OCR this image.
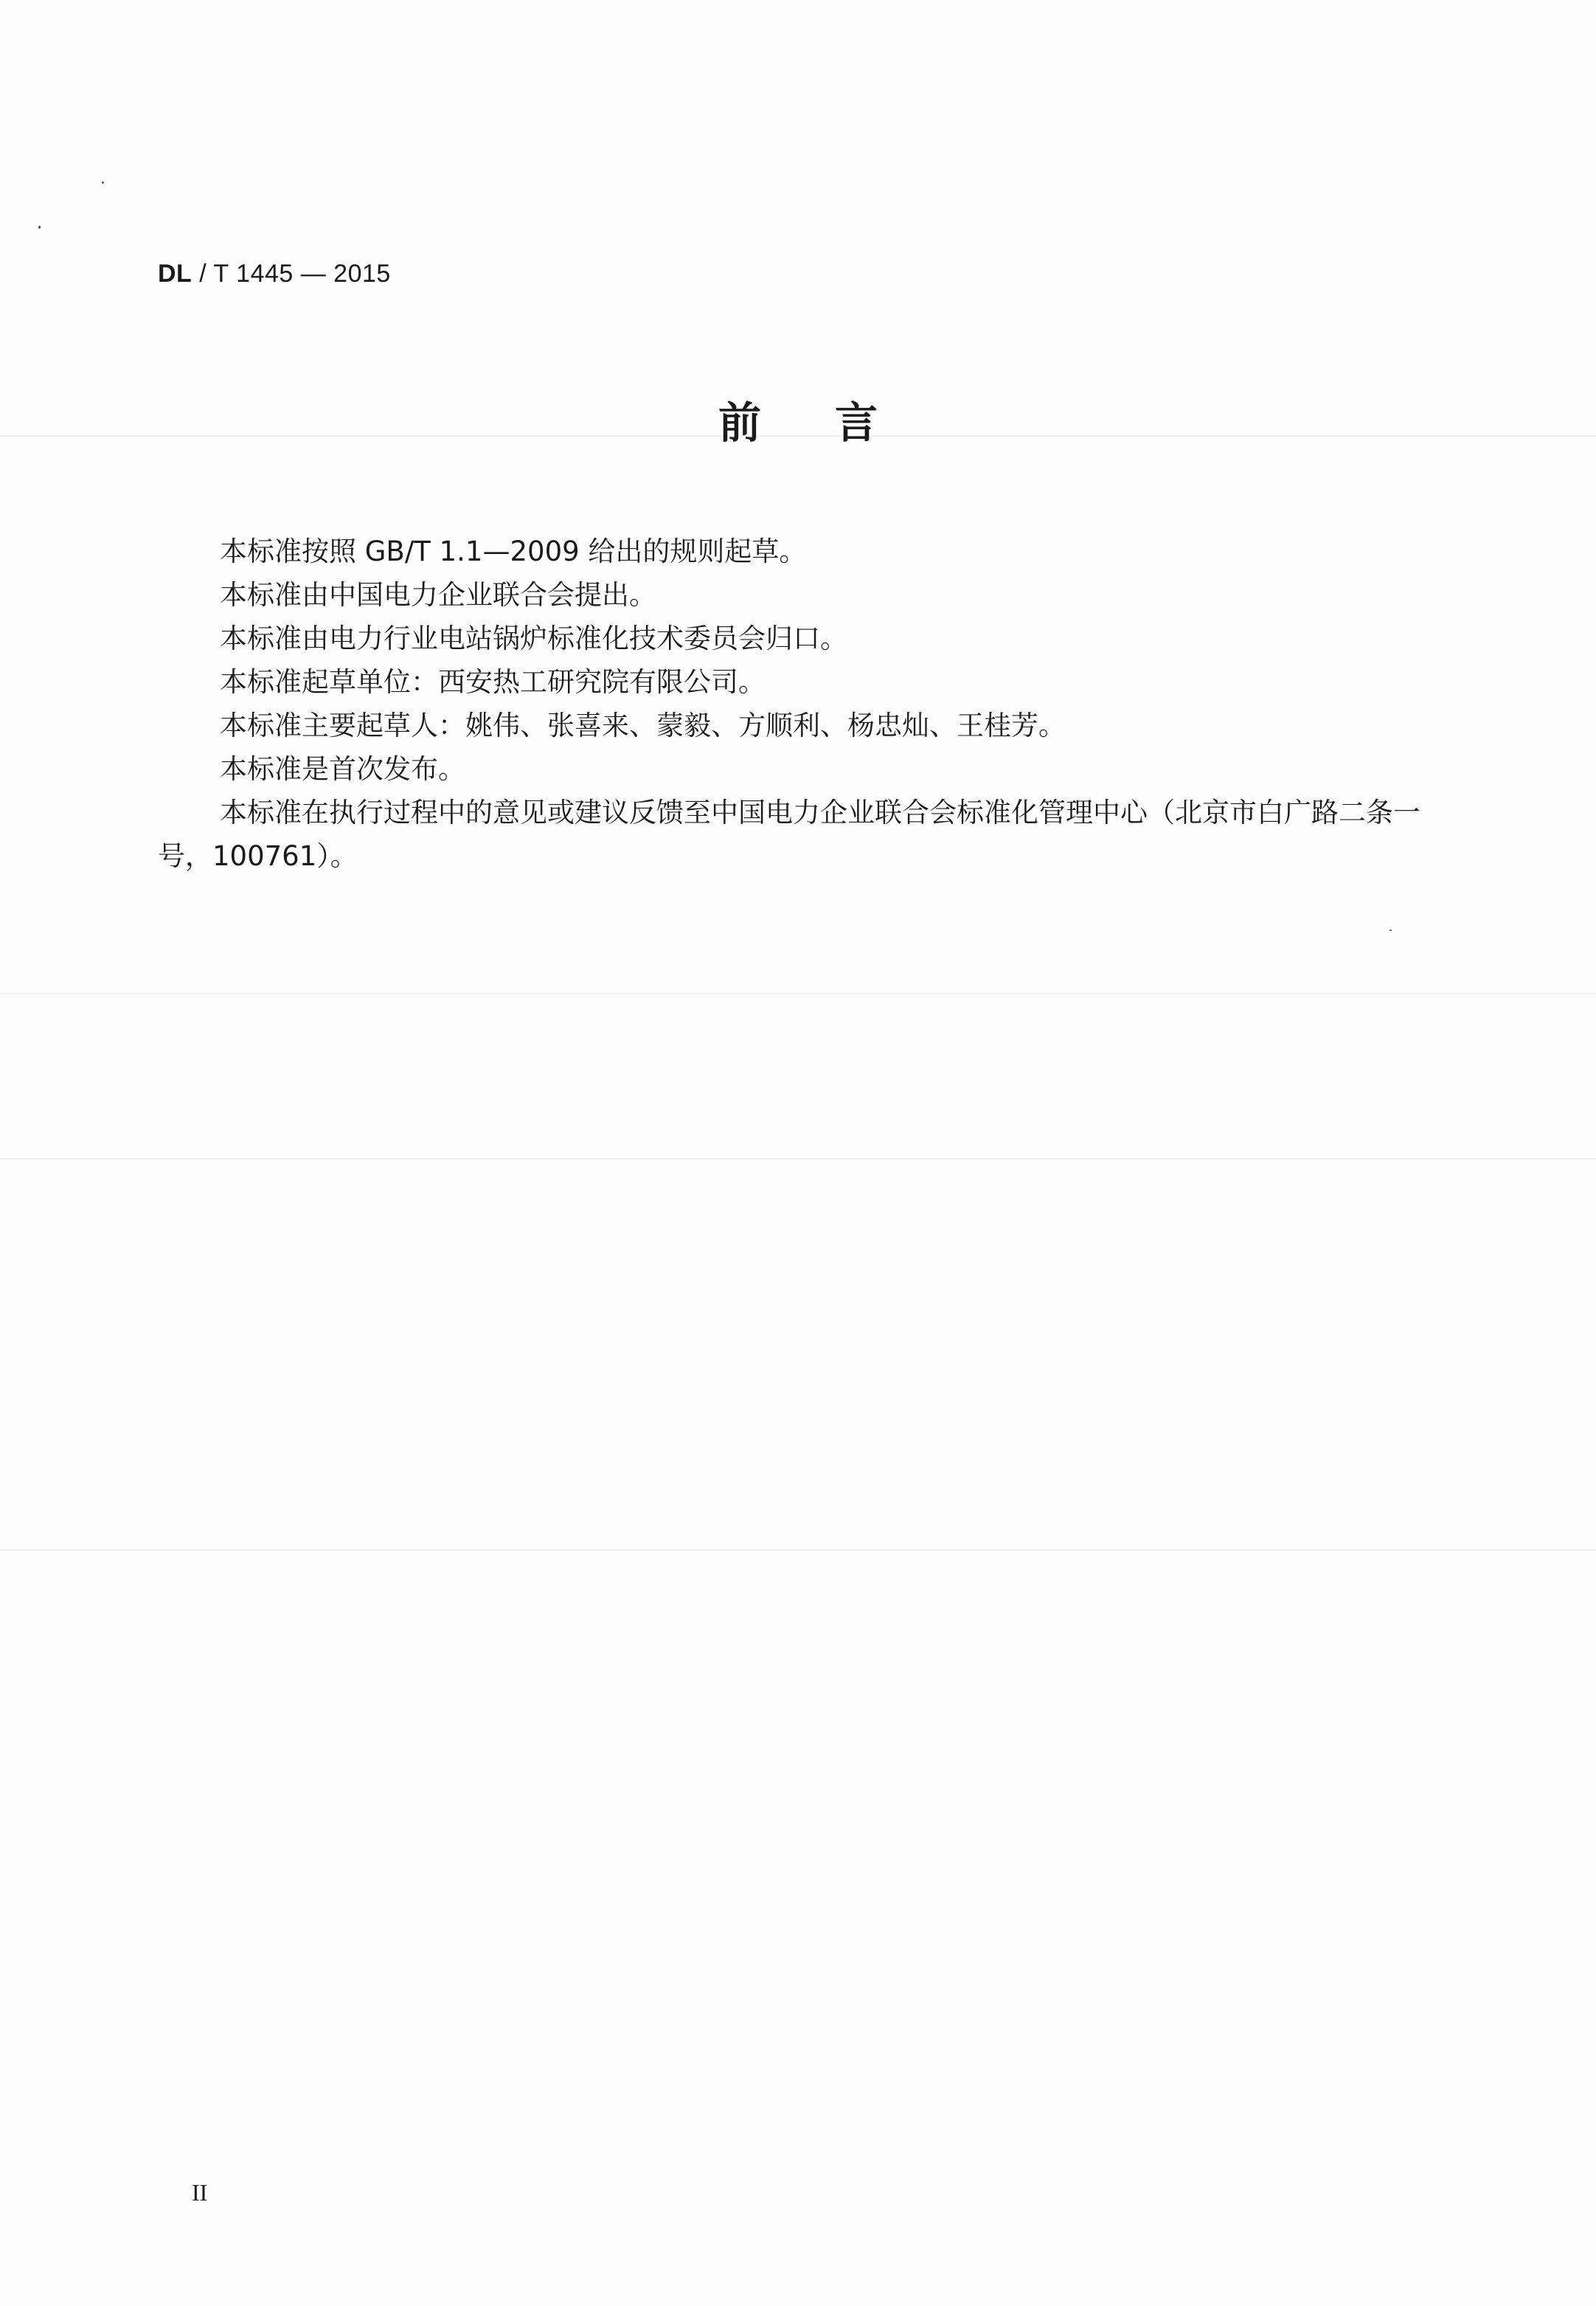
DL / T 1445 — 2015
前言

本标准按照 GB/T 1.1—2009 给出的规则起草。

本标准由中国电力企业联合会提出。

本标准由电力行业电站锅炉标准化技术委员会归口。

本标准起草单位：西安热工研究院有限公司。

本标准主要起草人：姚伟、张喜来、蒙毅、方顺利、杨忠灿、王桂芳。

本标准是首次发布。

本标准在执行过程中的意见或建议反馈至中国电力企业联合会标准化管理中心（北京市白广路二条一号，100761）。

II
